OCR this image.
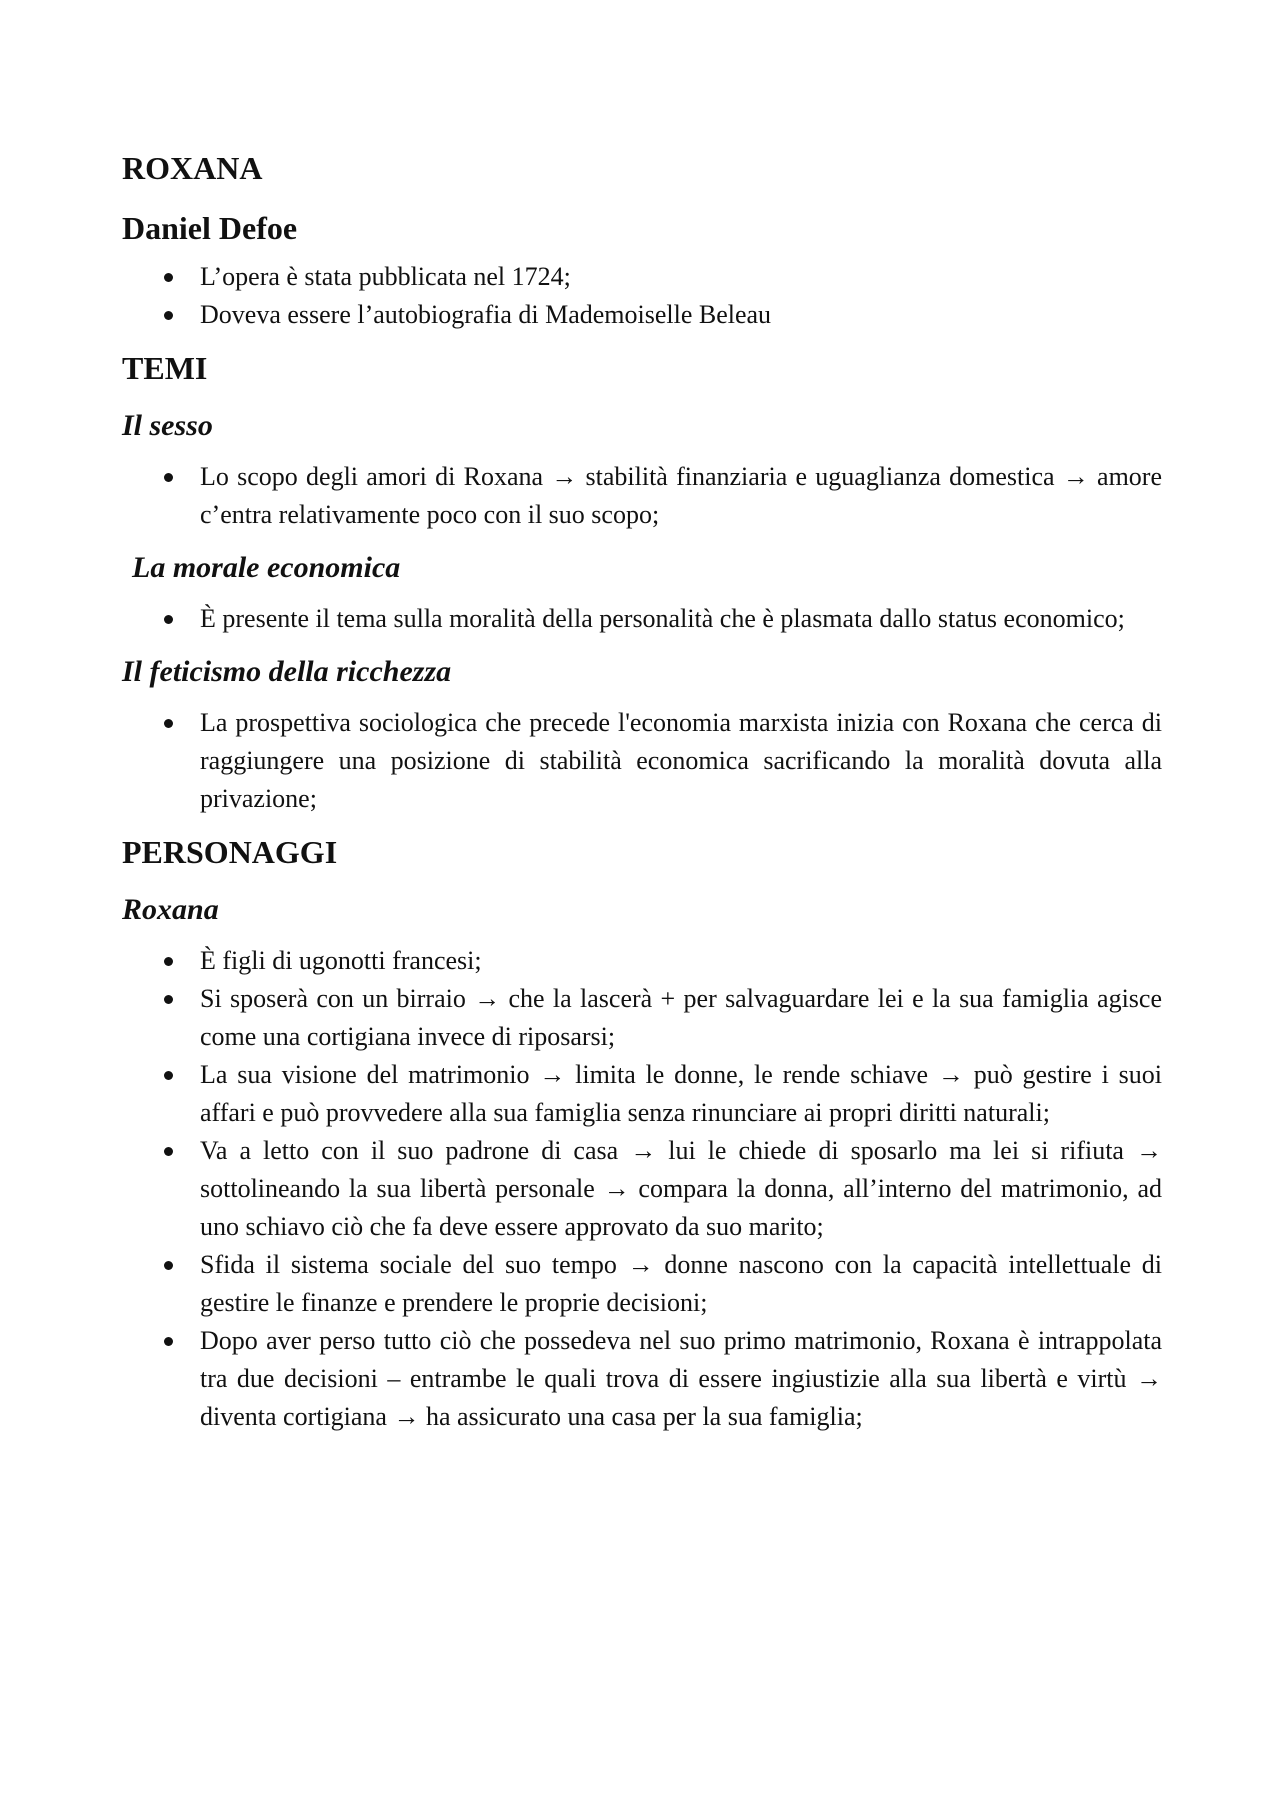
ROXANA
Daniel Defoe
L’opera è stata pubblicata nel 1724;
Doveva essere l’autobiografia di Mademoiselle Beleau
TEMI
Il sesso
Lo scopo degli amori di Roxana → stabilità finanziaria e uguaglianza domestica → amore c’entra relativamente poco con il suo scopo;
La morale economica
È presente il tema sulla moralità della personalità che è plasmata dallo status economico;
Il feticismo della ricchezza
La prospettiva sociologica che precede l'economia marxista inizia con Roxana che cerca di raggiungere una posizione di stabilità economica sacrificando la moralità dovuta alla privazione;
PERSONAGGI
Roxana
È figli di ugonotti francesi;
Si sposerà con un birraio → che la lascerà + per salvaguardare lei e la sua famiglia agisce come una cortigiana invece di riposarsi;
La sua visione del matrimonio → limita le donne, le rende schiave → può gestire i suoi affari e può provvedere alla sua famiglia senza rinunciare ai propri diritti naturali;
Va a letto con il suo padrone di casa → lui le chiede di sposarlo ma lei si rifiuta → sottolineando la sua libertà personale → compara la donna, all’interno del matrimonio, ad uno schiavo ciò che fa deve essere approvato da suo marito;
Sfida il sistema sociale del suo tempo → donne nascono con la capacità intellettuale di gestire le finanze e prendere le proprie decisioni;
Dopo aver perso tutto ciò che possedeva nel suo primo matrimonio, Roxana è intrappolata tra due decisioni – entrambe le quali trova di essere ingiustizie alla sua libertà e virtù → diventa cortigiana → ha assicurato una casa per la sua famiglia;
